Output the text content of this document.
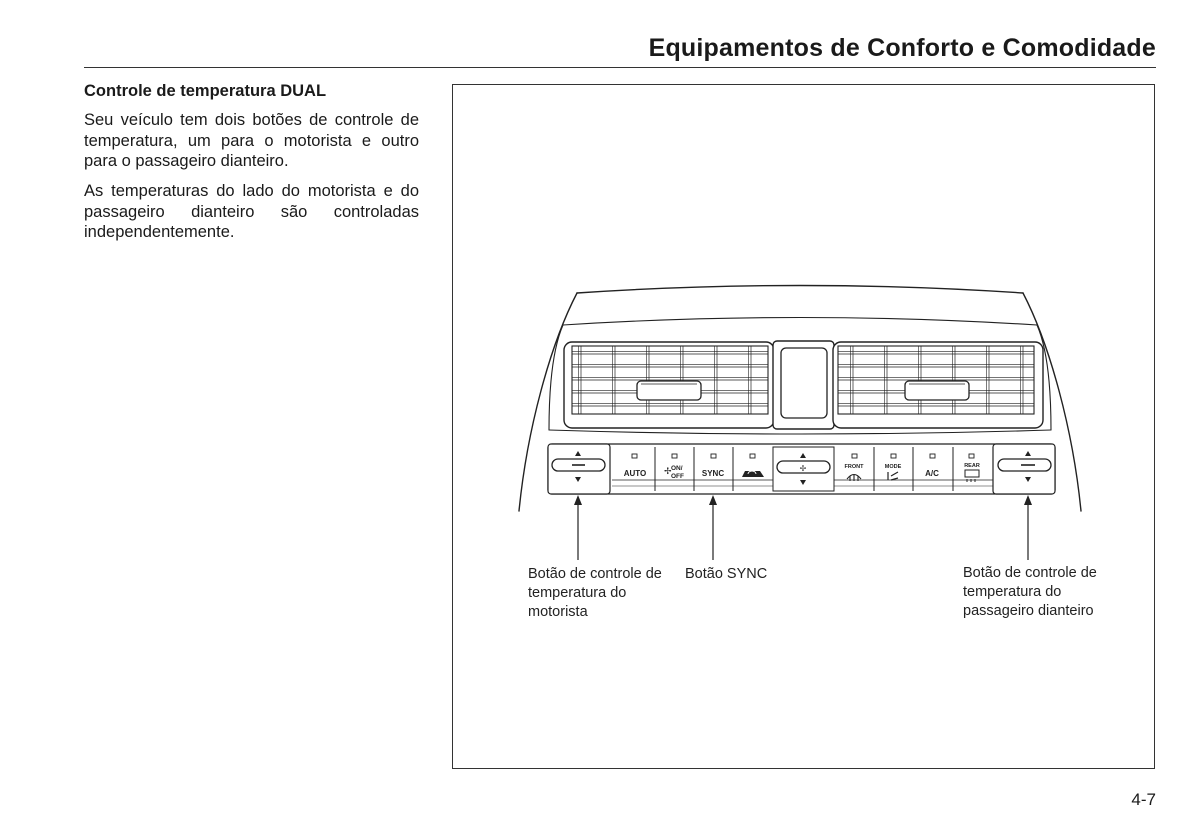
Equipamentos de Conforto e Comodidade
Controle de temperatura DUAL
Seu veículo tem dois botões de controle de temperatura, um para o motorista e outro para o passageiro dianteiro.
As temperaturas do lado do motorista e do passageiro dianteiro são controladas independentemente.
AUTO ✢ ON/
OFF SYNC
✢	FRONT	MODE
A/C
REAR
Botão de controle de temperatura do motorista
Botão SYNC	Botão de controle de temperatura do passageiro dianteiro
4-7
